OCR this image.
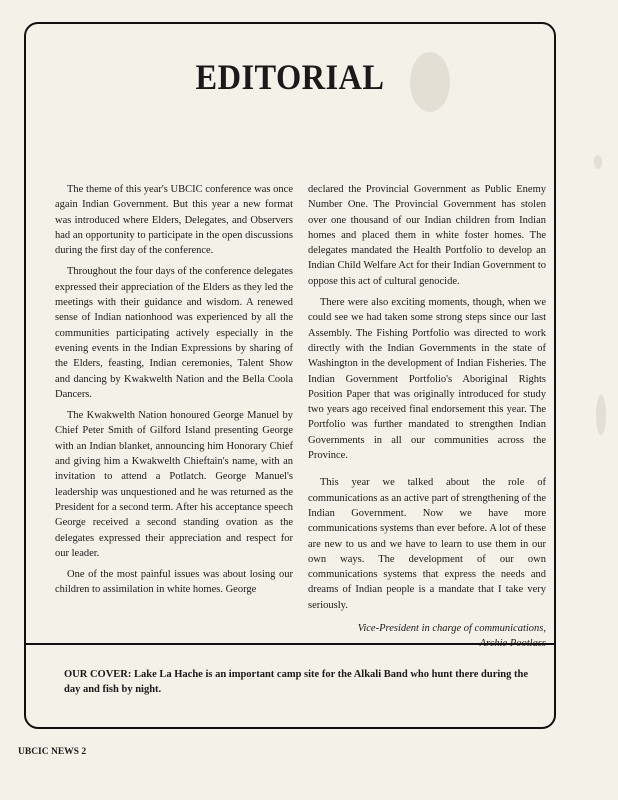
EDITORIAL

The theme of this year's UBCIC conference was once again Indian Government. But this year a new format was introduced where Elders, Delegates, and Observers had an opportunity to participate in the open discussions during the first day of the conference.

Throughout the four days of the conference delegates expressed their appreciation of the Elders as they led the meetings with their guidance and wisdom. A renewed sense of Indian nationhood was experienced by all the communities participating actively especially in the evening events in the Indian Expressions by sharing of the Elders, feasting, Indian ceremonies, Talent Show and dancing by Kwakwelth Nation and the Bella Coola Dancers.

The Kwakwelth Nation honoured George Manuel by Chief Peter Smith of Gilford Island presenting George with an Indian blanket, announcing him Honorary Chief and giving him a Kwakwelth Chieftain's name, with an invitation to attend a Potlatch. George Manuel's leadership was unquestioned and he was returned as the President for a second term. After his acceptance speech George received a second standing ovation as the delegates expressed their appreciation and respect for our leader.

One of the most painful issues was about losing our children to assimilation in white homes. George

declared the Provincial Government as Public Enemy Number One. The Provincial Government has stolen over one thousand of our Indian children from Indian homes and placed them in white foster homes. The delegates mandated the Health Portfolio to develop an Indian Child Welfare Act for their Indian Government to oppose this act of cultural genocide.

There were also exciting moments, though, when we could see we had taken some strong steps since our last Assembly. The Fishing Portfolio was directed to work directly with the Indian Governments in the state of Washington in the development of Indian Fisheries. The Indian Government Portfolio's Aboriginal Rights Position Paper that was originally introduced for study two years ago received final endorsement this year. The Portfolio was further mandated to strengthen Indian Governments in all our communities across the Province.

This year we talked about the role of communications as an active part of strengthening of the Indian Government. Now we have more communications systems than ever before. A lot of these are new to us and we have to learn to use them in our own ways. The development of our own communications systems that express the needs and dreams of Indian people is a mandate that I take very seriously.

Vice-President in charge of communications,
Archie Pootlass
OUR COVER: Lake La Hache is an important camp site for the Alkali Band who hunt there during the day and fish by night.
UBCIC NEWS 2
